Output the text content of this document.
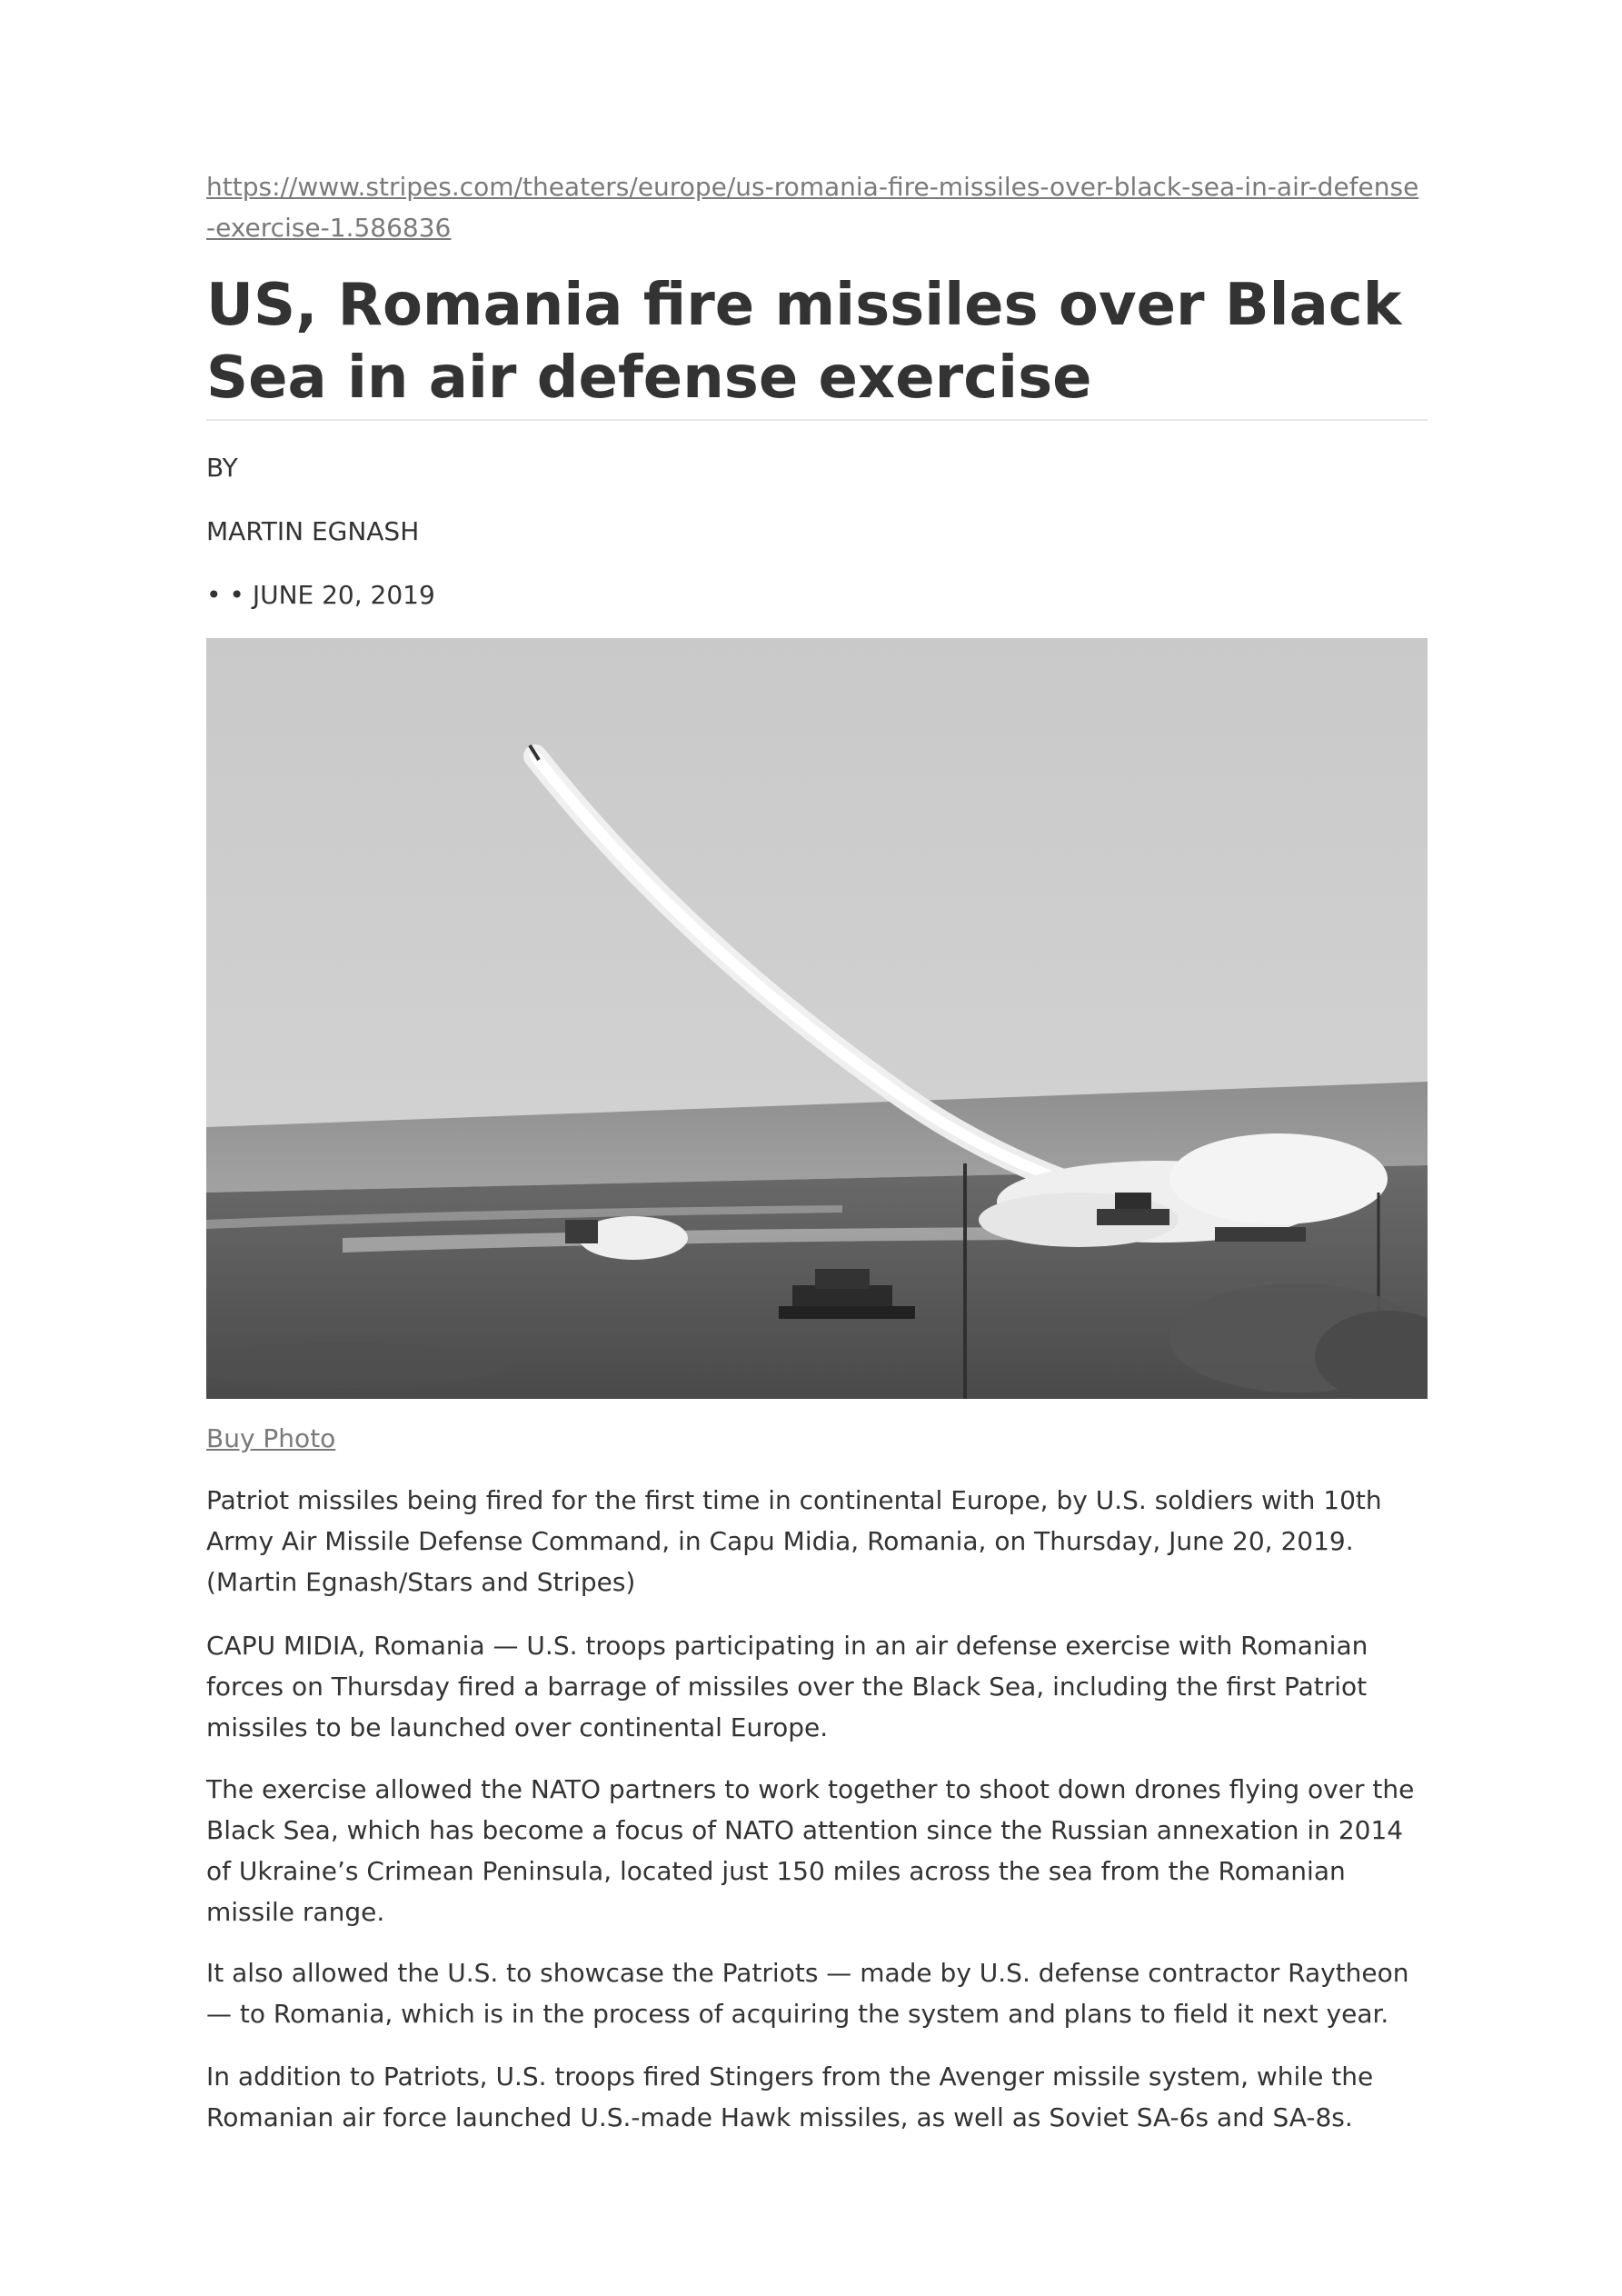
https://www.stripes.com/theaters/europe/us-romania-fire-missiles-over-black-sea-in-air-defense-exercise-1.586836
US, Romania fire missiles over Black Sea in air defense exercise
BY
MARTIN EGNASH
• • JUNE 20, 2019
Buy Photo

Patriot missiles being fired for the first time in continental Europe, by U.S. soldiers with 10th Army Air Missile Defense Command, in Capu Midia, Romania, on Thursday, June 20, 2019. (Martin Egnash/Stars and Stripes)

CAPU MIDIA, Romania — U.S. troops participating in an air defense exercise with Romanian forces on Thursday fired a barrage of missiles over the Black Sea, including the first Patriot missiles to be launched over continental Europe.

The exercise allowed the NATO partners to work together to shoot down drones flying over the Black Sea, which has become a focus of NATO attention since the Russian annexation in 2014 of Ukraine’s Crimean Peninsula, located just 150 miles across the sea from the Romanian missile range.

It also allowed the U.S. to showcase the Patriots — made by U.S. defense contractor Raytheon — to Romania, which is in the process of acquiring the system and plans to field it next year.

In addition to Patriots, U.S. troops fired Stingers from the Avenger missile system, while the Romanian air force launched U.S.-made Hawk missiles, as well as Soviet SA-6s and SA-8s.
